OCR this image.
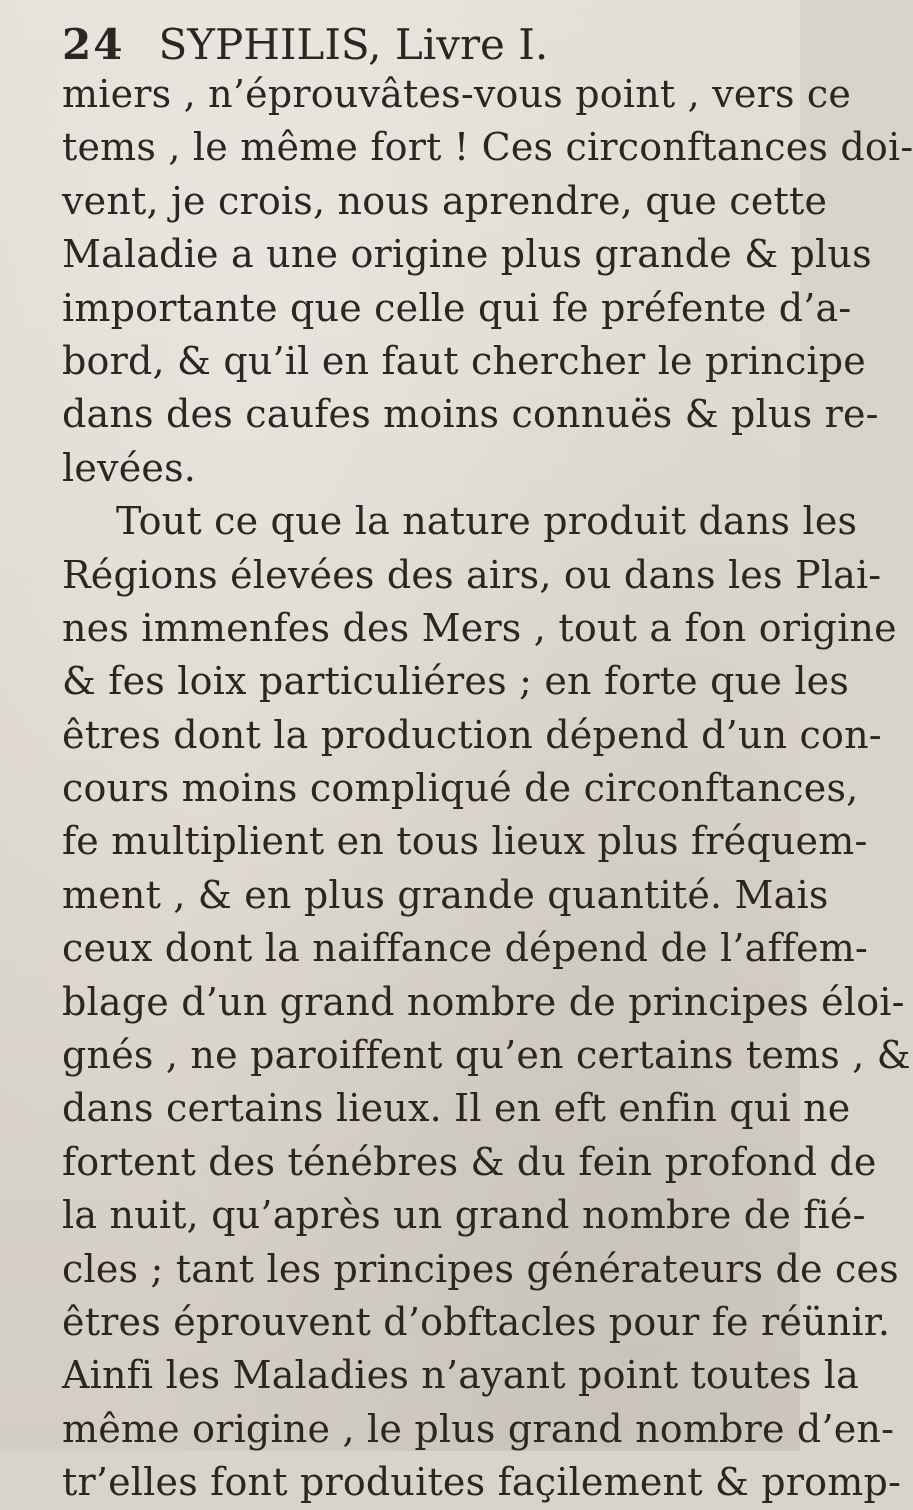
24 SYPHILIS, Livre I.
miers , n’éprouvâtes-vous point , vers ce
tems , le même fort ! Ces circonftances doi-
vent, je crois, nous aprendre, que cette
Maladie a une origine plus grande & plus
importante que celle qui fe préfente d’a-
bord, & qu’il en faut chercher le principe
dans des caufes moins connuës & plus re-
levées.
Tout ce que la nature produit dans les
Régions élevées des airs, ou dans les Plai-
nes immenfes des Mers , tout a fon origine
& fes loix particuliéres ; en forte que les
êtres dont la production dépend d’un con-
cours moins compliqué de circonftances,
fe multiplient en tous lieux plus fréquem-
ment , & en plus grande quantité. Mais
ceux dont la naiffance dépend de l’affem-
blage d’un grand nombre de principes éloi-
gnés , ne paroiffent qu’en certains tems , &
dans certains lieux. Il en eft enfin qui ne
fortent des ténébres & du fein profond de
la nuit, qu’après un grand nombre de fié-
cles ; tant les principes générateurs de ces
êtres éprouvent d’obftacles pour fe réünir.
Ainfi les Maladies n’ayant point toutes la
même origine , le plus grand nombre d’en-
tr’elles font produites façilement & promp-
